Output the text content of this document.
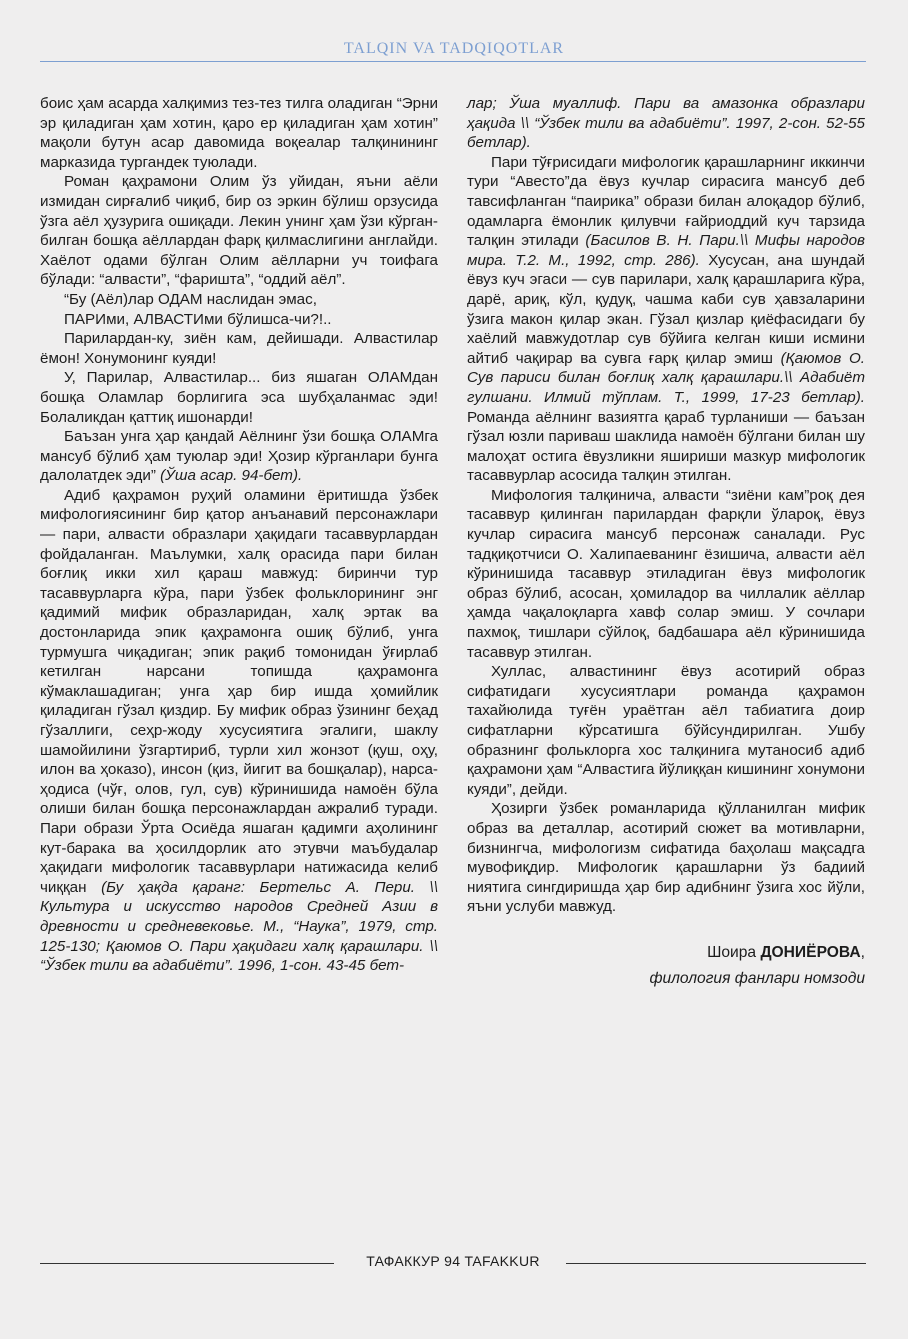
TALQIN VA TADQIQOTLAR

боис ҳам асарда халқимиз тез-тез тилга оладиган “Эрни эр қиладиган ҳам хотин, қаро ер қиладиган ҳам хотин” мақоли бутун асар давомида воқеалар талқинининг марказида тургандек туюлади.

Роман қаҳрамони Олим ўз уйидан, яъни аёли измидан сирғалиб чиқиб, бир оз эркин бўлиш орзусида ўзга аёл ҳузурига ошиқади. Лекин унинг ҳам ўзи кўрган-билган бошқа аёллардан фарқ қилмаслигини англайди. Хаёлот одами бўлган Олим аёлларни уч тоифага бўлади: “алвасти”, “фаришта”, “оддий аёл”.

“Бу (Аёл)лар ОДАМ наслидан эмас,

ПАРИми, АЛВАСТИми бўлишса-чи?!..

Парилардан-ку, зиён кам, дейишади. Алвастилар ёмон! Хонумонинг куяди!

У, Парилар, Алвастилар... биз яшаган ОЛАМдан бошқа Оламлар борлигига эса шубҳаланмас эди! Болаликдан қаттиқ ишонарди!

Баъзан унга ҳар қандай Аёлнинг ўзи бошқа ОЛАМга мансуб бўлиб ҳам туюлар эди! Ҳозир кўрганлари бунга далолатдек эди” (Ўша асар. 94-бет).

Адиб қаҳрамон руҳий оламини ёритишда ўзбек мифологиясининг бир қатор анъанавий персонажлари — пари, алвасти образлари ҳақидаги тасаввурлардан фойдаланган. Маълумки, халқ орасида пари билан боғлиқ икки хил қараш мавжуд: биринчи тур тасаввурларга кўра, пари ўзбек фольклорининг энг қадимий мифик образларидан, халқ эртак ва достонларида эпик қаҳрамонга ошиқ бўлиб, унга турмушга чиқадиган; эпик рақиб томонидан ўғирлаб кетилган нарсани топишда қаҳрамонга кўмаклашадиган; унга ҳар бир ишда ҳомийлик қиладиган гўзал қиздир. Бу мифик образ ўзининг беҳад гўзаллиги, сеҳр-жоду хусусиятига эгалиги, шаклу шамойилини ўзгартириб, турли хил жонзот (қуш, оҳу, илон ва ҳоказо), инсон (қиз, йигит ва бошқалар), нарса-ҳодиса (чўғ, олов, гул, сув) кўринишида намоён бўла олиши билан бошқа персонажлардан ажралиб туради. Пари образи Ўрта Осиёда яшаган қадимги аҳолининг кут-барака ва ҳосилдорлик ато этувчи маъбудалар ҳақидаги мифологик тасаввурлари натижасида келиб чиққан (Бу ҳақда қаранг: Бертельс А. Пери. \\ Культура и искусство народов Средней Азии в древности и средневековье. М., “Наука”, 1979, стр. 125-130; Қаюмов О. Пари ҳақидаги халқ қарашлари. \\ “Ўзбек тили ва адабиёти”. 1996, 1-сон. 43-45 бет-

лар; Ўша муаллиф. Пари ва амазонка образлари ҳақида \\ “Ўзбек тили ва адабиёти”. 1997, 2-сон. 52-55 бетлар).

Пари тўғрисидаги мифологик қарашларнинг иккинчи тури “Авесто”да ёвуз кучлар сирасига мансуб деб тавсифланган “паирика” образи билан алоқадор бўлиб, одамларга ёмонлик қилувчи ғайриоддий куч тарзида талқин этилади (Басилов В. Н. Пари.\\ Мифы народов мира. Т.2. М., 1992, стр. 286). Хусусан, ана шундай ёвуз куч эгаси — сув парилари, халқ қарашларига кўра, дарё, ариқ, кўл, қудуқ, чашма каби сув ҳавзаларини ўзига макон қилар экан. Гўзал қизлар қиёфасидаги бу хаёлий мавжудотлар сув бўйига келган киши исмини айтиб чақирар ва сувга ғарқ қилар эмиш (Қаюмов О. Сув париси билан боғлиқ халқ қарашлари.\\ Адабиёт гулшани. Илмий тўплам. Т., 1999, 17-23 бетлар). Романда аёлнинг вазиятга қараб турланиши — баъзан гўзал юзли париваш шаклида намоён бўлгани билан шу малоҳат остига ёвузликни яшириши мазкур мифологик тасаввурлар асосида талқин этилган.

Мифология талқинича, алвасти “зиёни кам”роқ дея тасаввур қилинган парилардан фарқли ўлароқ, ёвуз кучлар сирасига мансуб персонаж саналади. Рус тадқиқотчиси О. Халипаеванинг ёзишича, алвасти аёл кўринишида тасаввур этиладиган ёвуз мифологик образ бўлиб, асосан, ҳомиладор ва чиллалик аёллар ҳамда чақалоқларга хавф солар эмиш. У сочлари пахмоқ, тишлари сўйлоқ, бадбашара аёл кўринишида тасаввур этилган.

Хуллас, алвастининг ёвуз асотирий образ сифатидаги хусусиятлари романда қаҳрамон тахайюлида туғён ураётган аёл табиатига доир сифатларни кўрсатишга бўйсундирилган. Ушбу образнинг фольклорга хос талқинига мутаносиб адиб қаҳрамони ҳам “Алвастига йўлиққан кишининг хонумони куяди”, дейди.

Ҳозирги ўзбек романларида қўлланилган мифик образ ва деталлар, асотирий сюжет ва мотивларни, бизнингча, мифологизм сифатида баҳолаш мақсадга мувофиқдир. Мифологик қарашларни ўз бадиий ниятига сингдиришда ҳар бир адибнинг ўзига хос йўли, яъни услуби мавжуд.

Шоира ДОНИЁРОВА,
филология фанлари номзоди
ТАФАККУР 94 TAFAKKUR
